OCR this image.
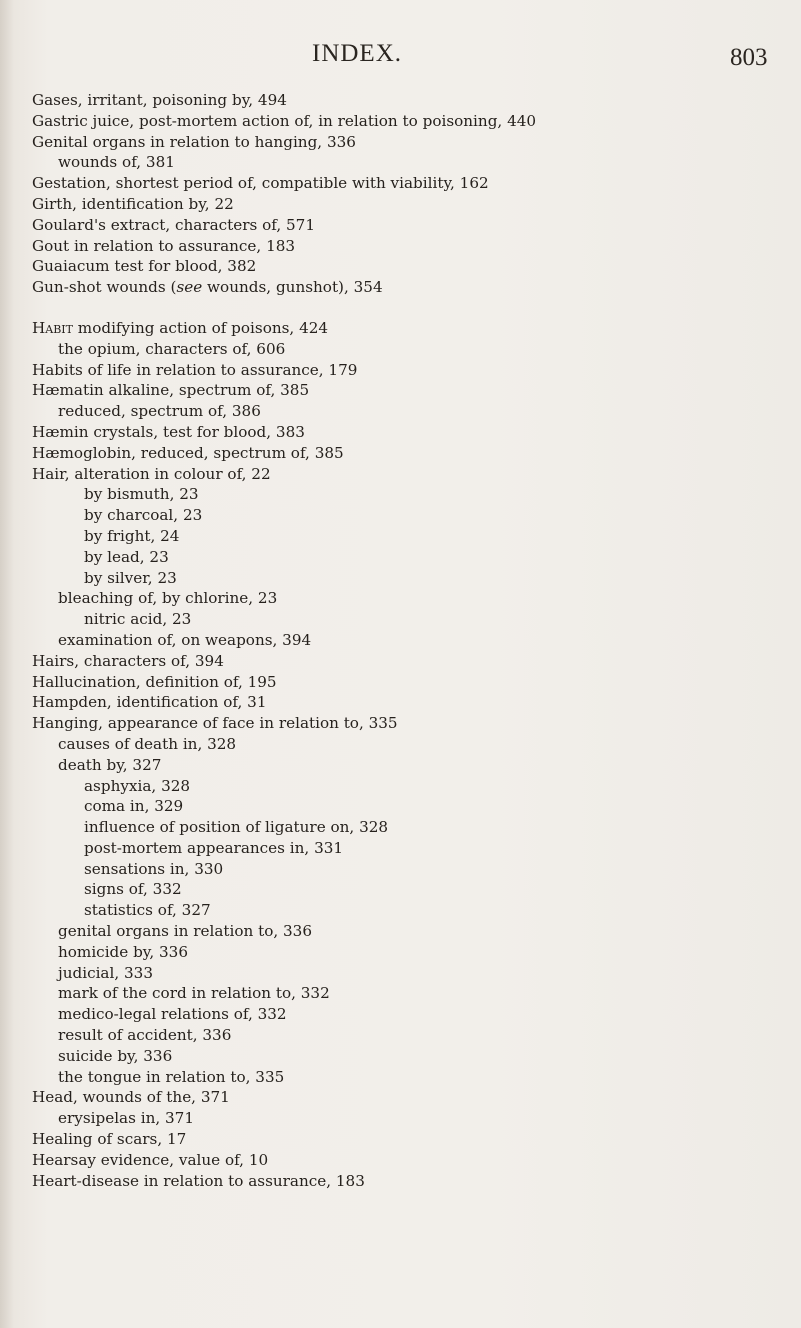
INDEX.	803
Gases, irritant, poisoning by, 494
Gastric juice, post-mortem action of, in relation to poisoning, 440
Genital organs in relation to hanging, 336
wounds of, 381
Gestation, shortest period of, compatible with viability, 162
Girth, identification by, 22
Goulard's extract, characters of, 571
Gout in relation to assurance, 183
Guaiacum test for blood, 382
Gun-shot wounds (see wounds, gunshot), 354
Habit modifying action of poisons, 424
the opium, characters of, 606
Habits of life in relation to assurance, 179
Hæmatin alkaline, spectrum of, 385
reduced, spectrum of, 386
Hæmin crystals, test for blood, 383
Hæmoglobin, reduced, spectrum of, 385
Hair, alteration in colour of, 22
by bismuth, 23
by charcoal, 23
by fright, 24
by lead, 23
by silver, 23
bleaching of, by chlorine, 23
nitric acid, 23
examination of, on weapons, 394
Hairs, characters of, 394
Hallucination, definition of, 195
Hampden, identification of, 31
Hanging, appearance of face in relation to, 335
causes of death in, 328
death by, 327
asphyxia, 328
coma in, 329
influence of position of ligature on, 328
post-mortem appearances in, 331
sensations in, 330
signs of, 332
statistics of, 327
genital organs in relation to, 336
homicide by, 336
judicial, 333
mark of the cord in relation to, 332
medico-legal relations of, 332
result of accident, 336
suicide by, 336
the tongue in relation to, 335
Head, wounds of the, 371
erysipelas in, 371
Healing of scars, 17
Hearsay evidence, value of, 10
Heart-disease in relation to assurance, 183
